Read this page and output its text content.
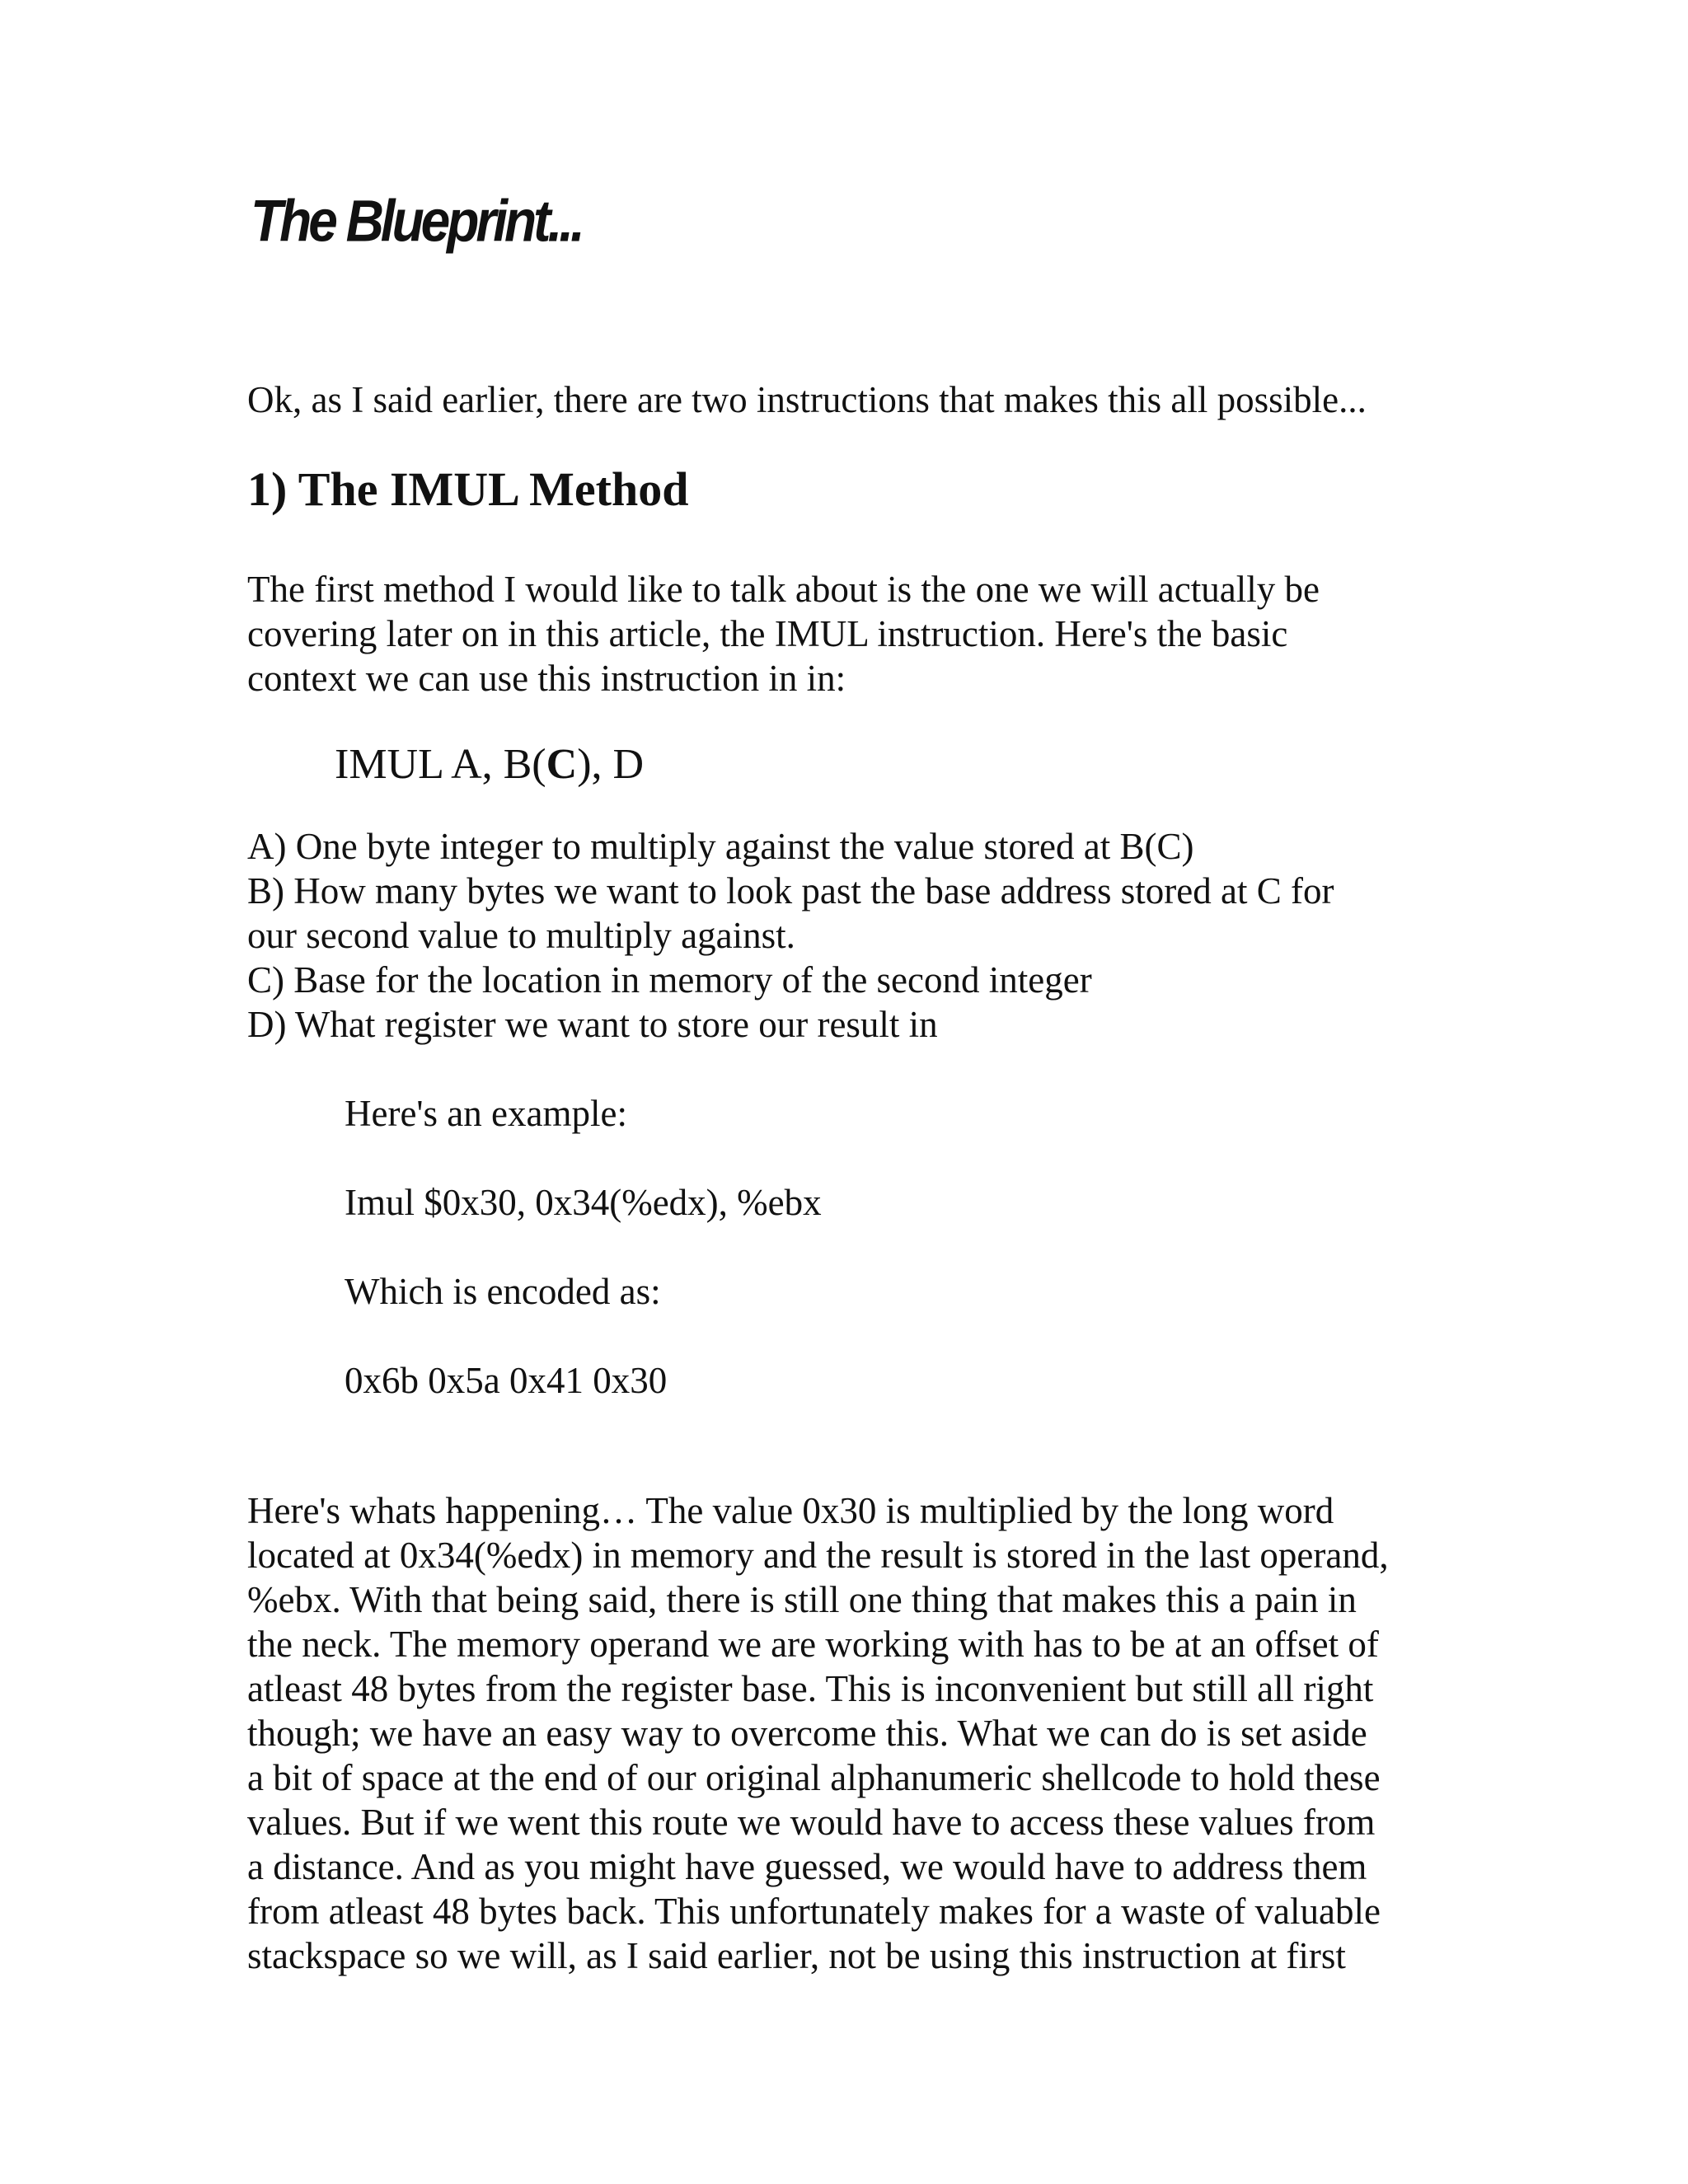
The Blueprint...
Ok, as I said earlier, there are two instructions that makes this all possible...
1) The IMUL Method
The first method I would like to talk about is the one we will actually be
covering later on in this article, the IMUL instruction. Here's the basic
context we can use this instruction in in:
IMUL A, B(C), D
A) One byte integer to multiply against the value stored at B(C)
B) How many bytes we want to look past the base address stored at C for
our second value to multiply against.
C) Base for the location in memory of the second integer
D) What register we want to store our result in
Here's an example:
Imul $0x30, 0x34(%edx), %ebx
Which is encoded as:
0x6b 0x5a 0x41 0x30
Here's whats happening… The value 0x30 is multiplied by the long word
located at 0x34(%edx) in memory and the result is stored in the last operand,
%ebx. With that being said, there is still one thing that makes this a pain in
the neck. The memory operand we are working with has to be at an offset of
atleast 48 bytes from the register base. This is inconvenient but still all right
though; we have an easy way to overcome this. What we can do is set aside
a bit of space at the end of our original alphanumeric shellcode to hold these
values. But if we went this route we would have to access these values from
a distance. And as you might have guessed, we would have to address them
from atleast 48 bytes back. This unfortunately makes for a waste of valuable
stackspace so we will, as I said earlier, not be using this instruction at first
